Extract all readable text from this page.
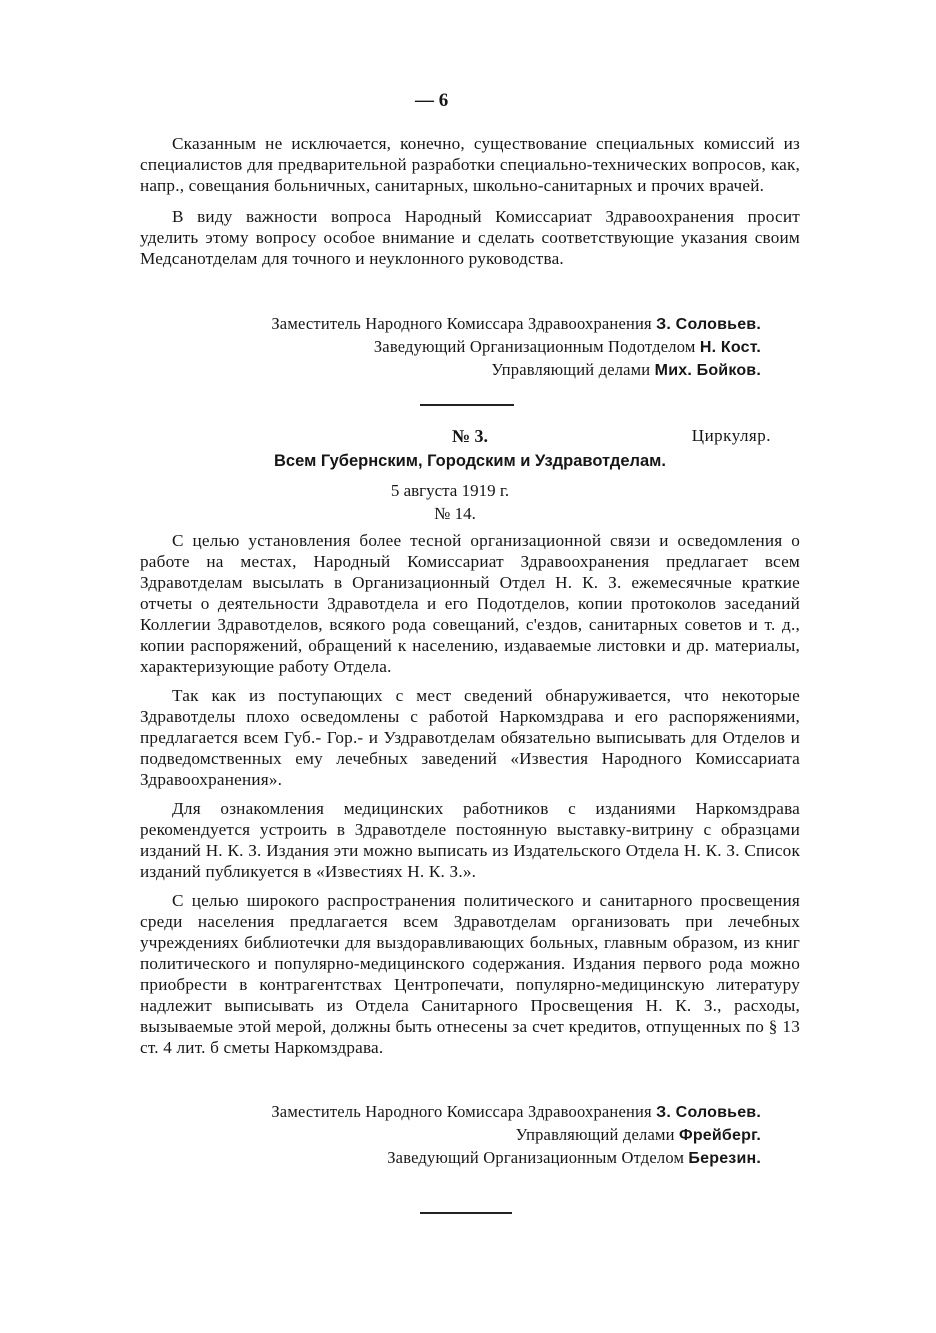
— 6

Сказанным не исключается, конечно, существование специальных комиссий из специалистов для предварительной разработки специально-технических вопросов, как, напр., совещания больничных, санитарных, школьно-санитарных и прочих врачей.

В виду важности вопроса Народный Комиссариат Здравоохранения просит уделить этому вопросу особое внимание и сделать соответствующие указания своим Медсанотделам для точного и неуклонного руководства.

Заместитель Народного Комиссара Здравоохранения З. Соловьев.
Заведующий Организационным Подотделом Н. Кост.
Управляющий делами Мих. Бойков.
№ 3.	Циркуляр.
Всем Губернским, Городским и Уздравотделам.
5 августа 1919 г.
№ 14.

С целью установления более тесной организационной связи и осведомления о работе на местах, Народный Комиссариат Здравоохранения предлагает всем Здравотделам высылать в Организационный Отдел Н. К. З. ежемесячные краткие отчеты о деятельности Здравотдела и его Подотделов, копии протоколов заседаний Коллегии Здравотделов, всякого рода совещаний, с'ездов, санитарных советов и т. д., копии распоряжений, обращений к населению, издаваемые листовки и др. материалы, характеризующие работу Отдела.

Так как из поступающих с мест сведений обнаруживается, что некоторые Здравотделы плохо осведомлены с работой Наркомздрава и его распоряжениями, предлагается всем Губ.- Гор.- и Уздравотделам обязательно выписывать для Отделов и подведомственных ему лечебных заведений «Известия Народного Комиссариата Здравоохранения».

Для ознакомления медицинских работников с изданиями Наркомздрава рекомендуется устроить в Здравотделе постоянную выставку-витрину с образцами изданий Н. К. З. Издания эти можно выписать из Издательского Отдела Н. К. З. Список изданий публикуется в «Известиях Н. К. З.».

С целью широкого распространения политического и санитарного просвещения среди населения предлагается всем Здравотделам организовать при лечебных учреждениях библиотечки для выздоравливающих больных, главным образом, из книг политического и популярно-медицинского содержания. Издания первого рода можно приобрести в контрагентствах Центропечати, популярно-медицинскую литературу надлежит выписывать из Отдела Санитарного Просвещения Н. К. З., расходы, вызываемые этой мерой, должны быть отнесены за счет кредитов, отпущенных по § 13 ст. 4 лит. б сметы Наркомздрава.

Заместитель Народного Комиссара Здравоохранения З. Соловьев.
Управляющий делами Фрейберг.
Заведующий Организационным Отделом Березин.
